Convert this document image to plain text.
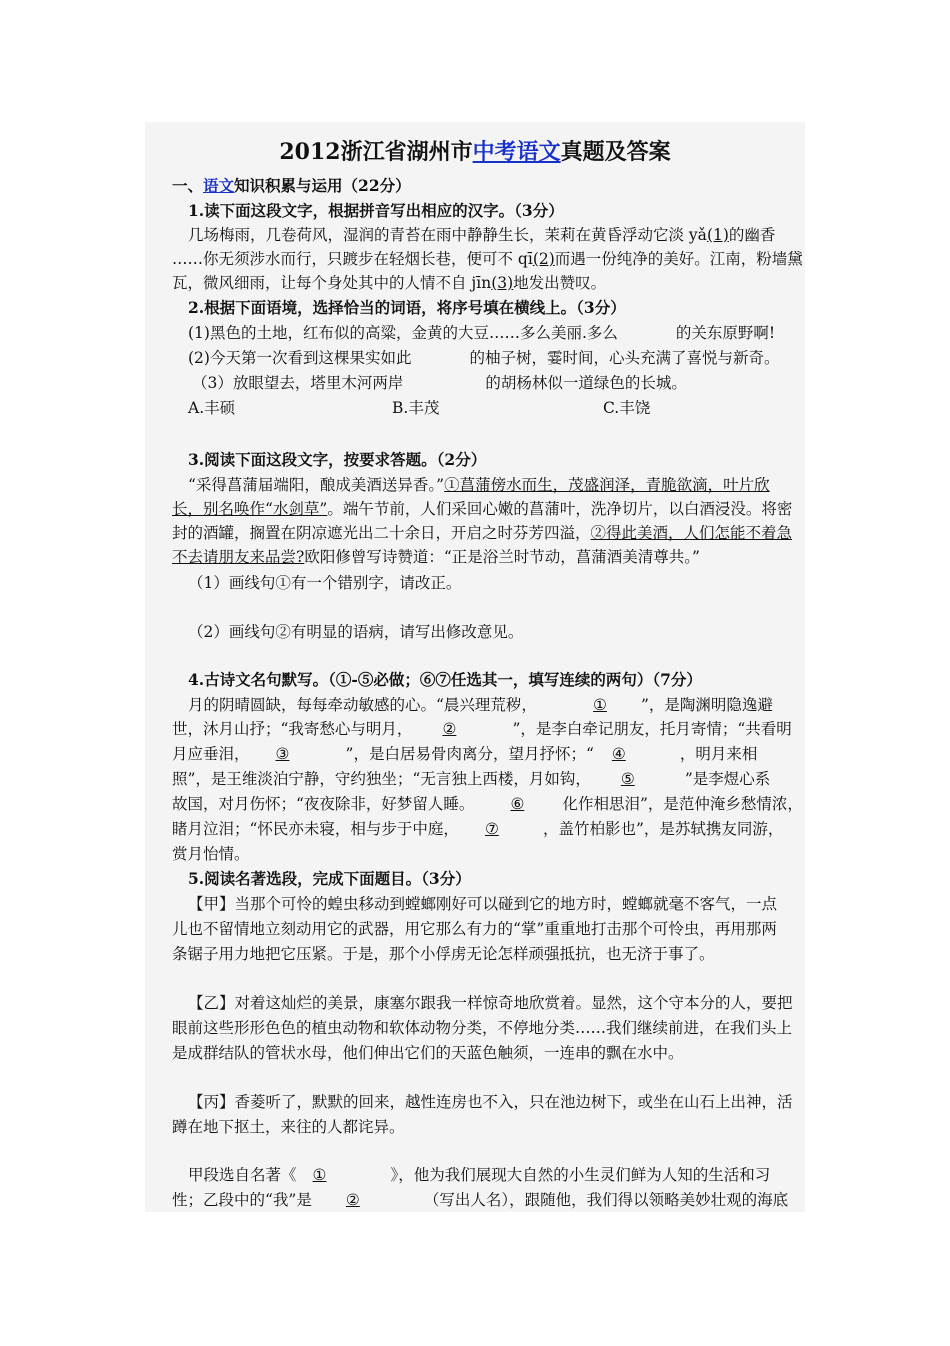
2012浙江省湖州市中考语文真题及答案
一、语文知识积累与运用（22分）
1.读下面这段文字，根据拼音写出相应的汉字。（3分）
几场梅雨，几卷荷风，湿润的青苔在雨中静静生长，茉莉在黄昏浮动它淡 yǎ(1)的幽香
……你无须涉水而行，只踱步在轻烟长巷，便可不 qī(2)而遇一份纯净的美好。江南，粉墙黛
瓦，微风细雨，让每个身处其中的人情不自 jīn(3)地发出赞叹。
2.根据下面语境，选择恰当的词语，将序号填在横线上。（3分）
(1)黑色的土地，红布似的高粱，金黄的大豆……多么美丽.多么	的关东原野啊!
(2)今天第一次看到这棵果实如此	的柚子树，霎时间，心头充满了喜悦与新奇。
（3）放眼望去，塔里木河两岸	的胡杨林似一道绿色的长城。
A.丰硕	B.丰茂	C.丰饶
3.阅读下面这段文字，按要求答题。（2分）
“采得菖蒲届端阳，酿成美酒送异香。”①菖蒲傍水而生，茂盛润泽，青脆欲滴，叶片欣
长，别名唤作“水剑草”。端午节前，人们采回心嫩的菖蒲叶，洗净切片，以白酒浸没。将密
封的酒罐，搁置在阴凉遮光出二十余日，开启之时芬芳四溢，②得此美酒，人们怎能不着急
不去请朋友来品尝?欧阳修曾写诗赞道：“正是浴兰时节动，菖蒲酒美清尊共。”
（1）画线句①有一个错别字，请改正。
（2）画线句②有明显的语病，请写出修改意见。
4.古诗文名句默写。（①-⑤必做；⑥⑦任选其一，填写连续的两句）（7分）
月的阴晴圆缺，每每牵动敏感的心。“晨兴理荒秽，	① ”，是陶渊明隐逸避
世，沐月山抒；“我寄愁心与明月， ②	”，是李白牵记朋友，托月寄情；“共看明
月应垂泪， ③	”，是白居易骨肉离分，望月抒怀；“ ④	，明月来相
照”，是王维淡泊宁静，守约独坐；“无言独上西楼，月如钩， ⑤	”是李煜心系
故国，对月伤怀；“夜夜除非，好梦留人睡。 ⑥ 化作相思泪”，是范仲淹乡愁情浓，
睹月泣泪；“怀民亦未寝，相与步于中庭， ⑦	，盖竹柏影也”，是苏轼携友同游，
赏月怡情。
5.阅读名著选段，完成下面题目。（3分）
【甲】当那个可怜的蝗虫移动到螳螂刚好可以碰到它的地方时，螳螂就毫不客气，一点
儿也不留情地立刻动用它的武器，用它那么有力的“掌”重重地打击那个可怜虫，再用那两
条锯子用力地把它压紧。于是，那个小俘虏无论怎样顽强抵抗，也无济于事了。
【乙】对着这灿烂的美景，康塞尔跟我一样惊奇地欣赏着。显然，这个守本分的人，要把
眼前这些形形色色的植虫动物和软体动物分类，不停地分类……我们继续前进，在我们头上
是成群结队的管状水母，他们伸出它们的天蓝色触须，一连串的飘在水中。
【丙】香菱听了，默默的回来，越性连房也不入，只在池边树下，或坐在山石上出神，活
蹲在地下抠土，来往的人都诧异。
甲段选自名著《 ①	》，他为我们展现大自然的小生灵们鲜为人知的生活和习
性；乙段中的“我”是 ②	（写出人名），跟随他，我们得以领略美妙壮观的海底
